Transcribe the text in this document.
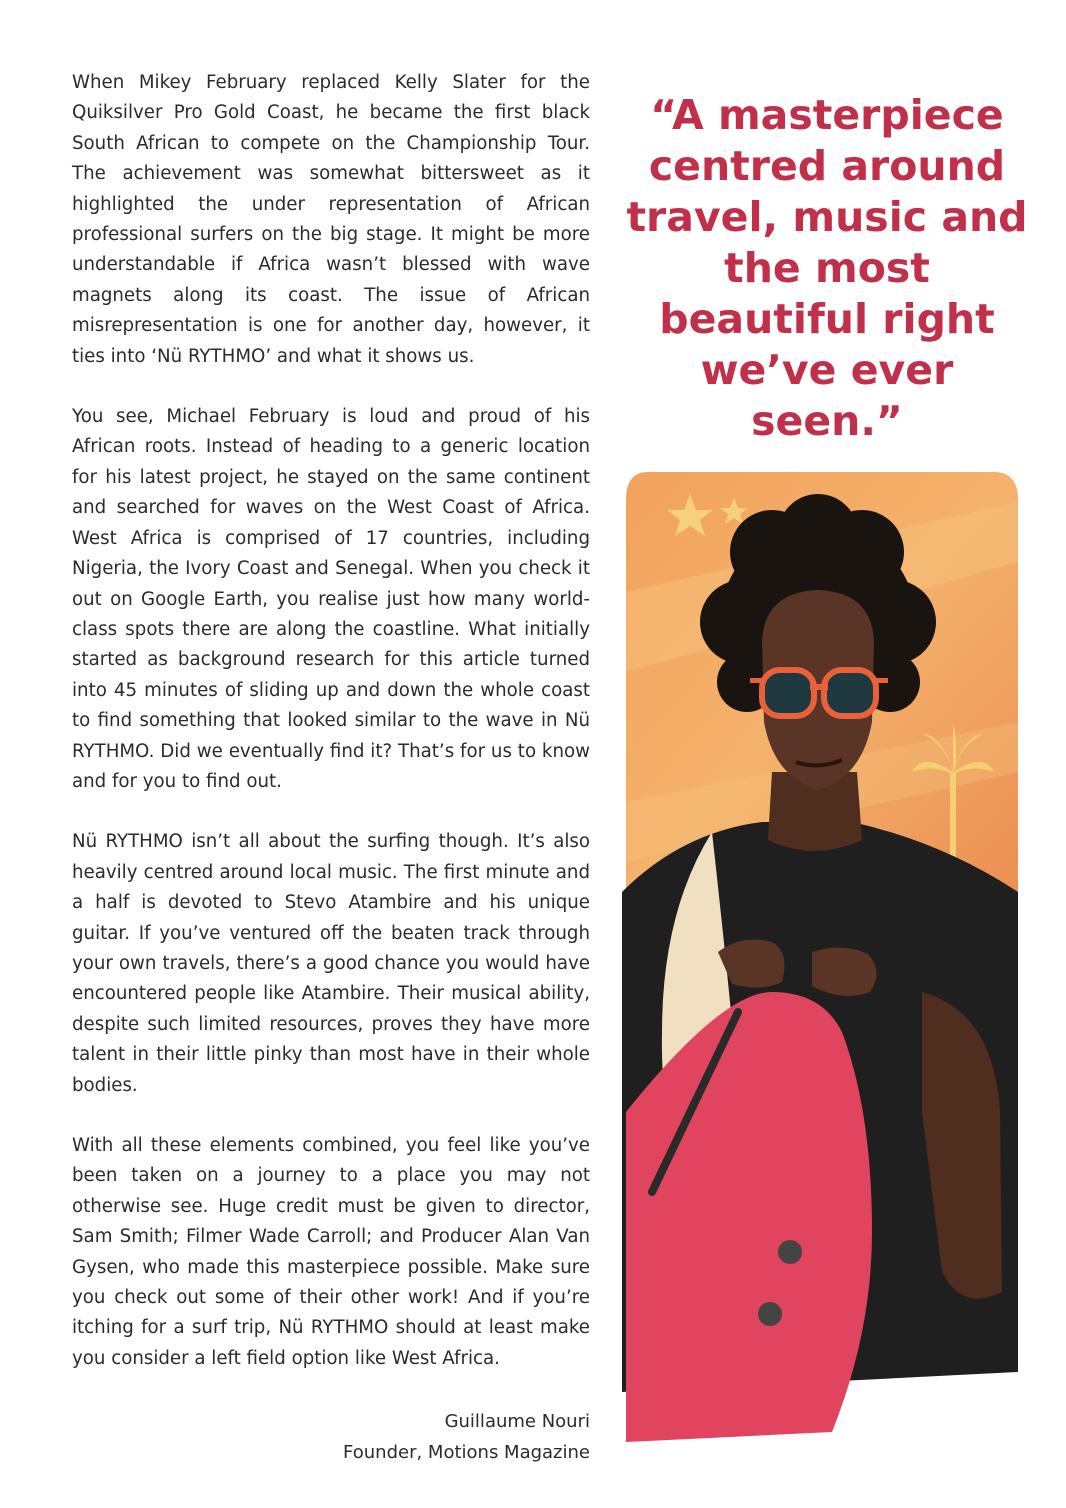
When Mikey February replaced Kelly Slater for the Quiksilver Pro Gold Coast, he became the first black South African to compete on the Championship Tour. The achievement was somewhat bittersweet as it highlighted the under representation of African professional surfers on the big stage. It might be more understandable if Africa wasn’t blessed with wave magnets along its coast. The issue of African misrepresentation is one for another day, however, it ties into ‘Nü RYTHMO’ and what it shows us.

You see, Michael February is loud and proud of his African roots. Instead of heading to a generic location for his latest project, he stayed on the same continent and searched for waves on the West Coast of Africa. West Africa is comprised of 17 countries, including Nigeria, the Ivory Coast and Senegal. When you check it out on Google Earth, you realise just how many world-class spots there are along the coastline. What initially started as background research for this article turned into 45 minutes of sliding up and down the whole coast to find something that looked similar to the wave in Nü RYTHMO. Did we eventually find it? That’s for us to know and for you to find out.

Nü RYTHMO isn’t all about the surfing though. It’s also heavily centred around local music. The first minute and a half is devoted to Stevo Atambire and his unique guitar. If you’ve ventured off the beaten track through your own travels, there’s a good chance you would have encountered people like Atambire. Their musical ability, despite such limited resources, proves they have more talent in their little pinky than most have in their whole bodies.

With all these elements combined, you feel like you’ve been taken on a journey to a place you may not otherwise see. Huge credit must be given to director, Sam Smith; Filmer Wade Carroll; and Producer Alan Van Gysen, who made this masterpiece possible. Make sure you check out some of their other work! And if you’re itching for a surf trip, Nü RYTHMO should at least make you consider a left field option like West Africa.

Guillaume Nouri
Founder, Motions Magazine

“A masterpiece centred around travel, music and the most beautiful right we’ve ever seen.”
